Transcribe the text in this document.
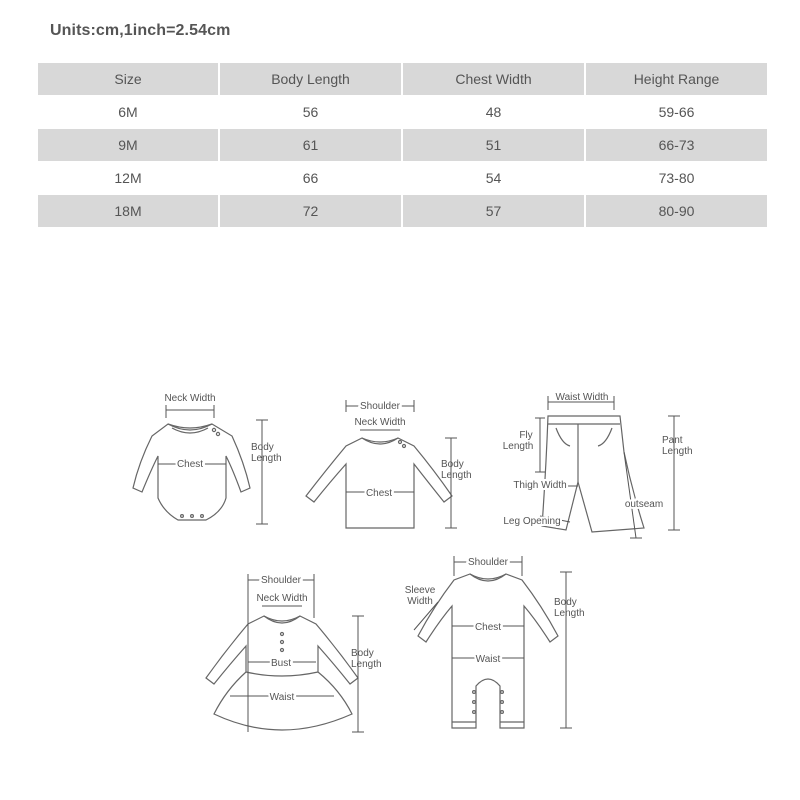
Units:cm,1inch=2.54cm
Size	Body Length	Chest Width	Height Range
6M	56	48	59-66
9M	61	51	66-73
12M	66	54	73-80
18M	72	57	80-90
Neck Width
Chest
Body
Length
Shoulder
Neck Width
Chest
Body
Length
Waist Width
Fly
Length
Pant
Length
Thigh Width
outseam
Leg Opening
Shoulder
Neck Width
Bust
Waist
Body
Length
Shoulder
Sleeve
Width
Chest
Waist
Body
Length
